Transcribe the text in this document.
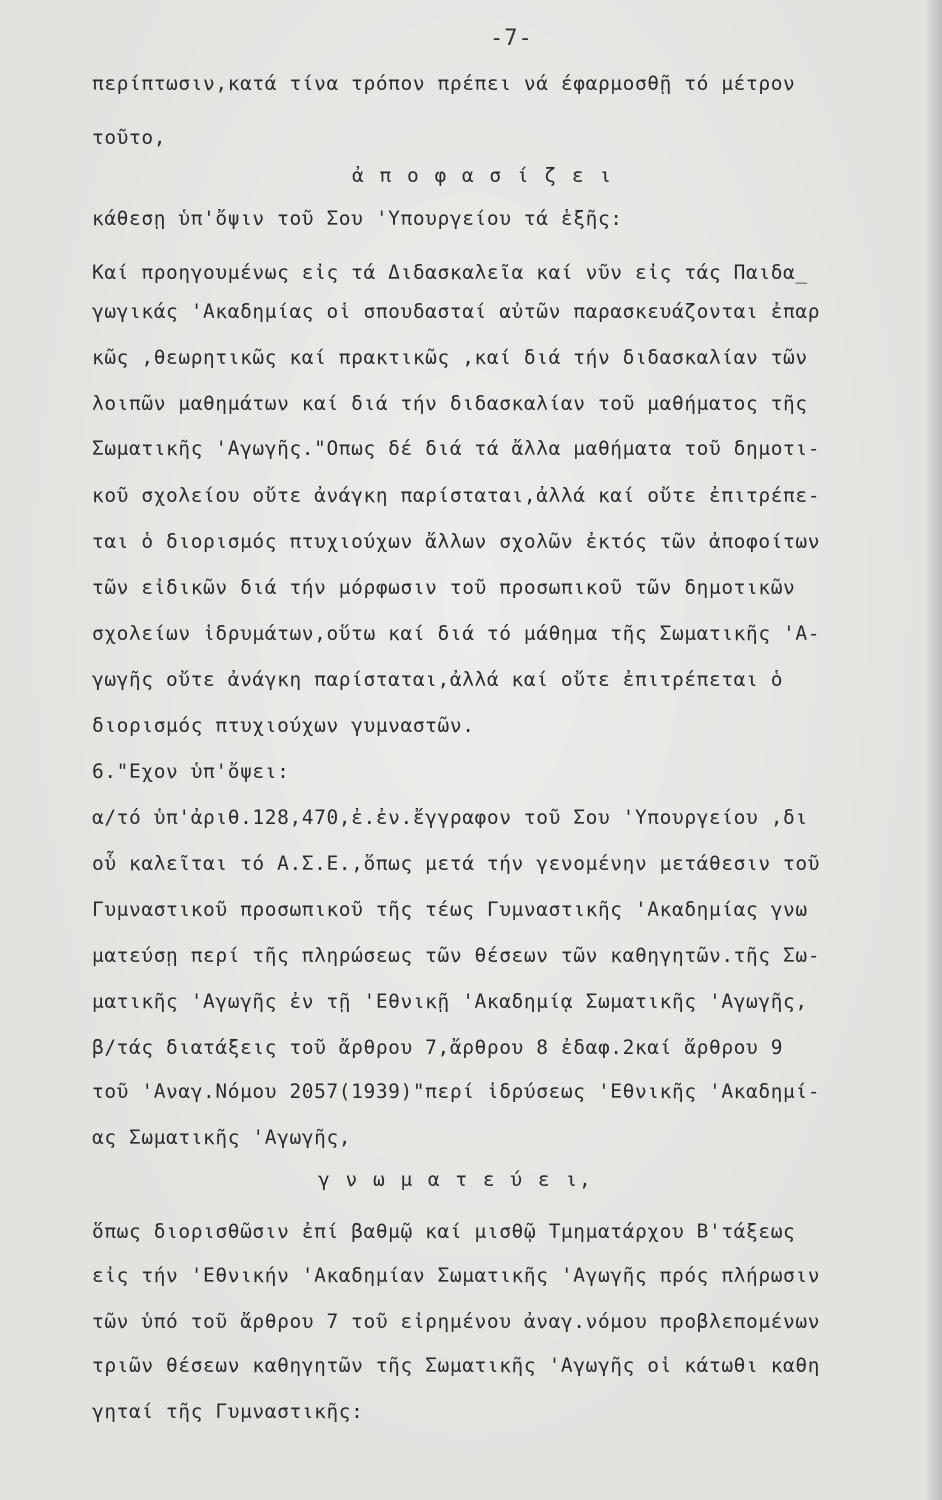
-7-
περίπτωσιν,κατά τίνα τρόπον πρέπει νά έφαρμοσθῇ τό μέτρον
τοῦτο,
ἀ π ο φ α σ ί ζ ε ι
κάθεσῃ ὑπ'ὄψιν τοῦ Σου 'Υπουργείου τά ἑξῆς:
Καί προηγουμένως εἰς τά Διδασκαλεῖα καί νῦν εἰς τάς Παιδα_
γωγικάς 'Ακαδημίας οἱ σπουδασταί αὐτῶν παρασκευάζονται ἐπαρ
κῶς ,θεωρητικῶς καί πρακτικῶς ,καί διά τήν διδασκαλίαν τῶν
λοιπῶν μαθημάτων καί διά τήν διδασκαλίαν τοῦ μαθήματος τῆς
Σωματικῆς 'Αγωγῆς."Οπως δέ διά τά ἄλλα μαθήματα τοῦ δημοτι-
κοῦ σχολείου οὔτε ἀνάγκη παρίσταται,ἀλλά καί οὔτε ἐπιτρέπε-
ται ὁ διορισμός πτυχιούχων ἄλλων σχολῶν ἐκτός τῶν ἀποφοίτων
τῶν εἰδικῶν διά τήν μόρφωσιν τοῦ προσωπικοῦ τῶν δημοτικῶν
σχολείων ἱδρυμάτων,οὕτω καί διά τό μάθημα τῆς Σωματικῆς 'Α-
γωγῆς οὔτε ἀνάγκη παρίσταται,ἀλλά καί οὔτε ἐπιτρέπεται ὁ
διορισμός πτυχιούχων γυμναστῶν.
6."Εχον ὑπ'ὄψει:
α/τό ὑπ'ἀριθ.128,470,ἐ.ἐν.ἔγγραφον τοῦ Σου 'Υπουργείου ,δι
οὗ καλεῖται τό Α.Σ.Ε.,ὅπως μετά τήν γενομένην μετάθεσιν τοῦ
Γυμναστικοῦ προσωπικοῦ τῆς τέως Γυμναστικῆς 'Ακαδημίας γνω
ματεύσῃ περί τῆς πληρώσεως τῶν θέσεων τῶν καθηγητῶν.τῆς Σω-
ματικῆς 'Αγωγῆς ἐν τῇ 'Εθνικῇ 'Ακαδημίᾳ Σωματικῆς 'Αγωγῆς,
β/τάς διατάξεις τοῦ ἄρθρου 7,ἄρθρου 8 ἐδαφ.2καί ἄρθρου 9
τοῦ 'Αναγ.Νόμου 2057(1939)"περί ἱδρύσεως 'Εθνικῆς 'Ακαδημί-
ας Σωματικῆς 'Αγωγῆς,
γ ν ω μ α τ ε ύ ε ι,
ὅπως διορισθῶσιν ἐπί βαθμῷ καί μισθῷ Τμηματάρχου Β'τάξεως
εἰς τήν 'Εθνικήν 'Ακαδημίαν Σωματικῆς 'Αγωγῆς πρός πλήρωσιν
τῶν ὑπό τοῦ ἄρθρου 7 τοῦ εἰρημένου ἀναγ.νόμου προβλεπομένων
τριῶν θέσεων καθηγητῶν τῆς Σωματικῆς 'Αγωγῆς οἱ κάτωθι καθη
γηταί τῆς Γυμναστικῆς:
